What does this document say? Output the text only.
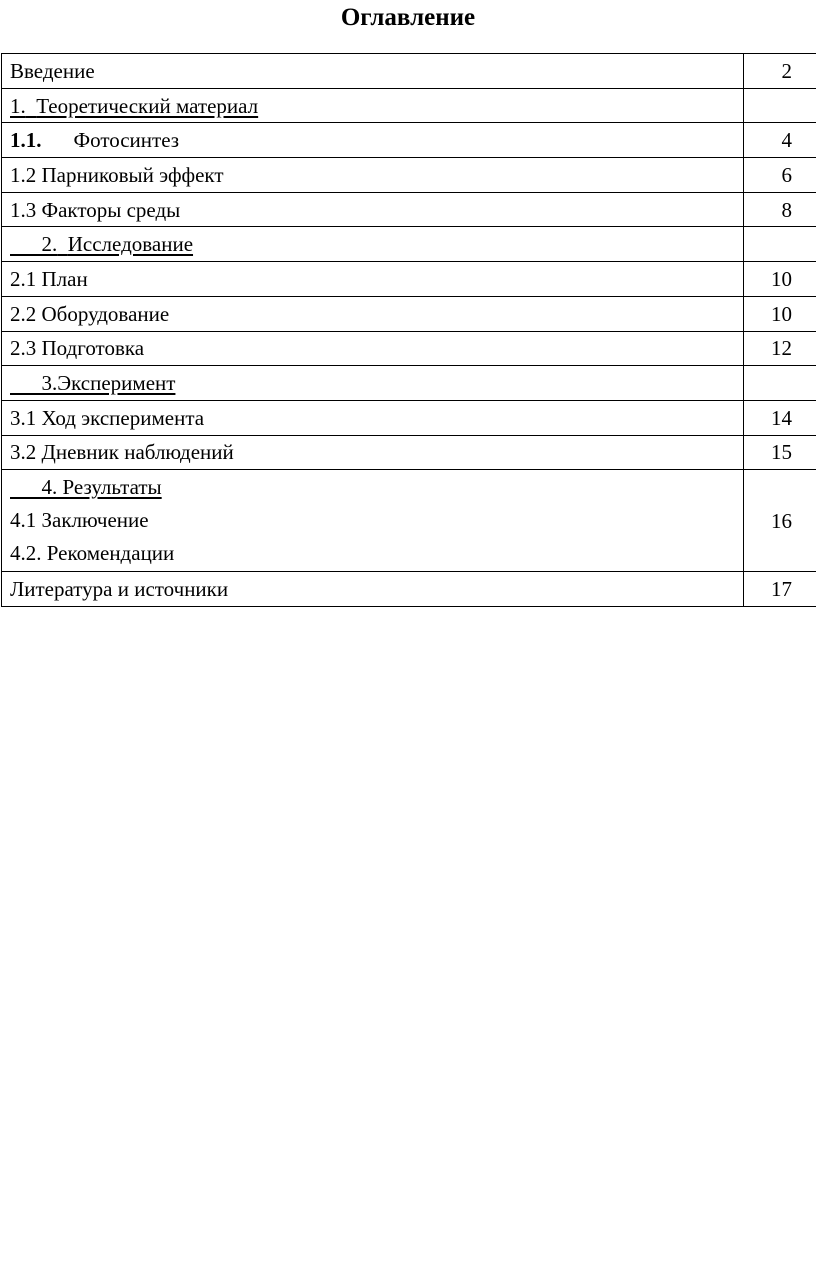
Оглавление
Введение	2
1. Теоретический материал	
1.1. Фотосинтез	4
1.2 Парниковый эффект	6
1.3 Факторы среды	8
2. Исследование	
2.1 План	10
2.2 Оборудование	10
2.3 Подготовка	12
3.Эксперимент	
3.1 Ход эксперимента	14
3.2 Дневник наблюдений	15

4. Результаты
4.1 Заключение
4.2. Рекомендации	16
Литература и источники	17
